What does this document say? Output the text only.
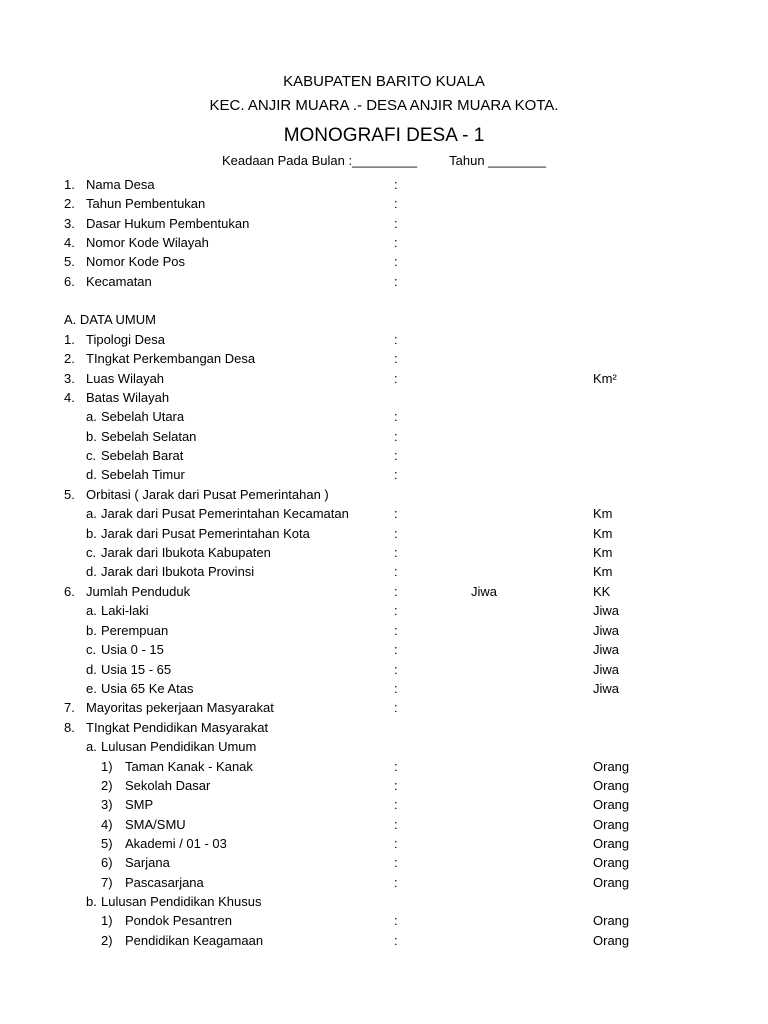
KABUPATEN BARITO KUALA
KEC. ANJIR MUARA .- DESA ANJIR MUARA KOTA.
MONOGRAFI DESA - 1
Keadaan Pada Bulan :_________ Tahun ________
1. Nama Desa	:
2. Tahun Pembentukan	:
3. Dasar Hukum Pembentukan	:
4. Nomor Kode Wilayah	:
5. Nomor Kode Pos	:
6. Kecamatan	:
A. DATA UMUM
1. Tipologi Desa	:
2. TIngkat Perkembangan Desa	:
3. Luas Wilayah	:	Km²
4. Batas Wilayah
a. Sebelah Utara	:
b. Sebelah Selatan	:
c. Sebelah Barat	:
d. Sebelah Timur	:
5. Orbitasi ( Jarak dari Pusat Pemerintahan )
a. Jarak dari Pusat Pemerintahan Kecamatan	:	Km
b. Jarak dari Pusat Pemerintahan Kota	:	Km
c. Jarak dari Ibukota Kabupaten	:	Km
d. Jarak dari Ibukota Provinsi	:	Km
6. Jumlah Penduduk	:	Jiwa	KK
a. Laki-laki	:	Jiwa
b. Perempuan	:	Jiwa
c. Usia 0 - 15	:	Jiwa
d. Usia 15 - 65	:	Jiwa
e. Usia 65 Ke Atas	:	Jiwa
7. Mayoritas pekerjaan Masyarakat	:
8. TIngkat Pendidikan Masyarakat
a. Lulusan Pendidikan Umum
1) Taman Kanak - Kanak	:	Orang
2) Sekolah Dasar	:	Orang
3) SMP	:	Orang
4) SMA/SMU	:	Orang
5) Akademi / 01 - 03	:	Orang
6) Sarjana	:	Orang
7) Pascasarjana	:	Orang
b. Lulusan Pendidikan Khusus
1) Pondok Pesantren	:	Orang
2) Pendidikan Keagamaan	:	Orang
